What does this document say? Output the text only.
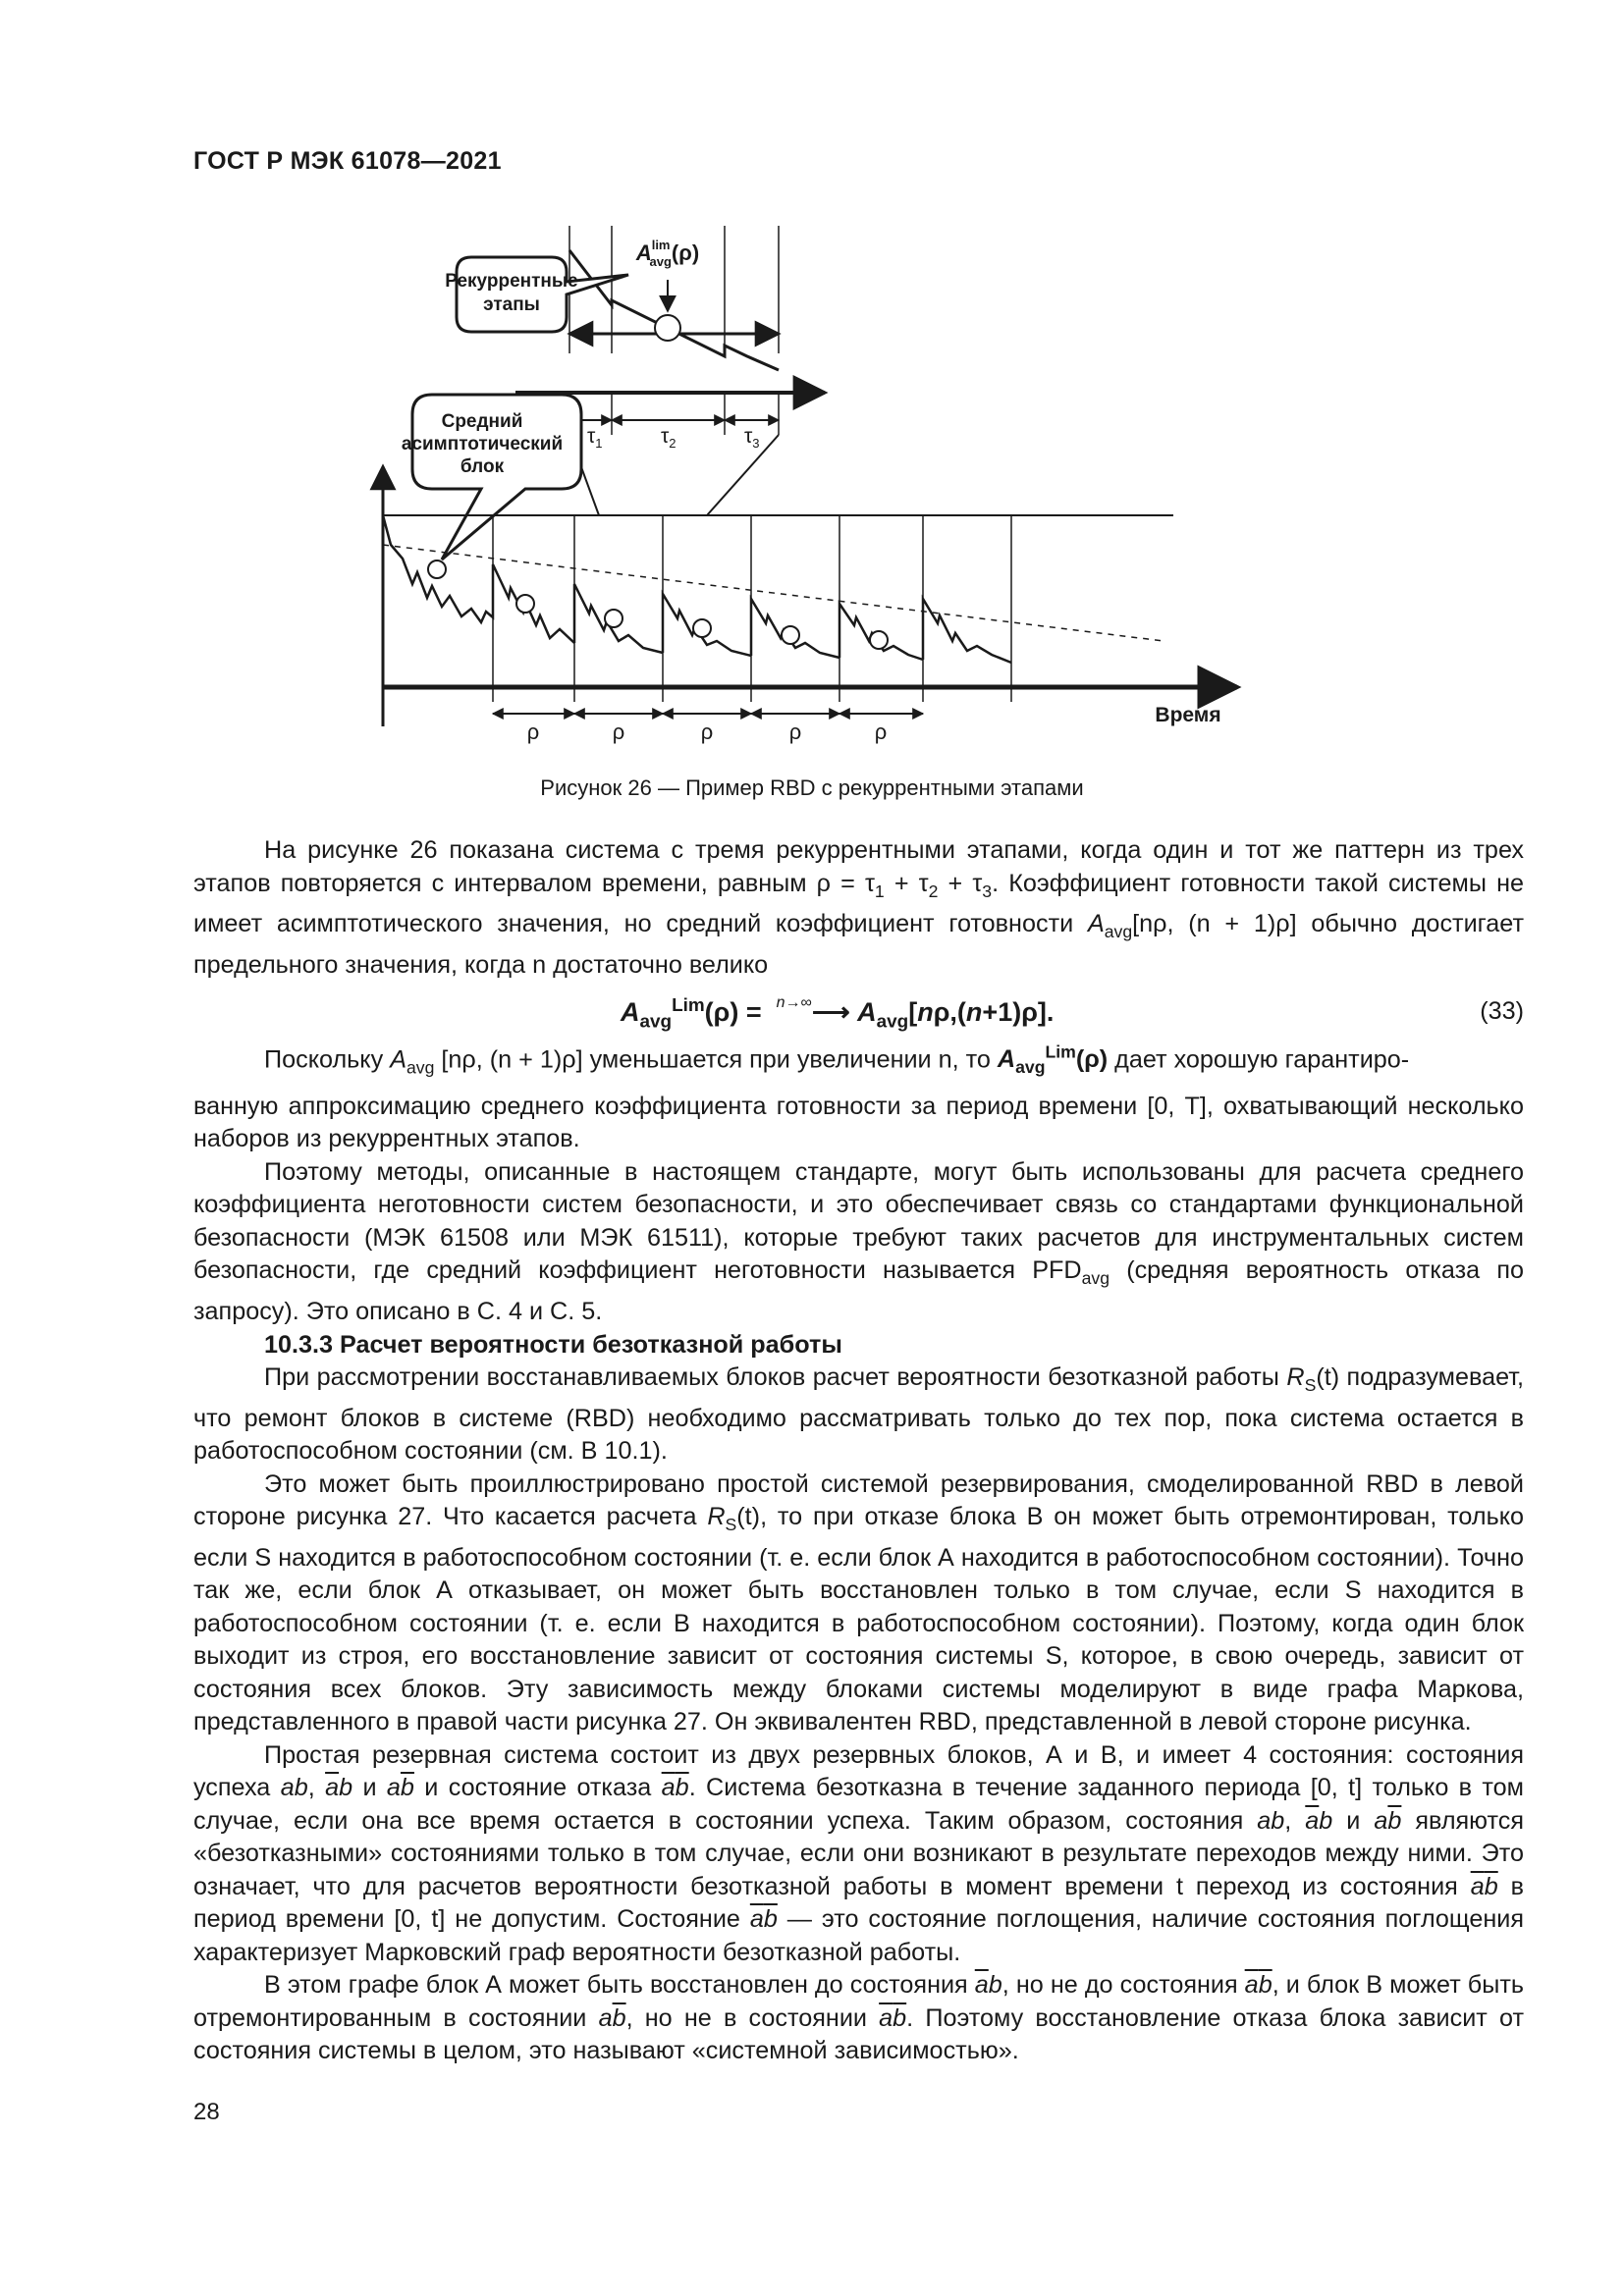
ГОСТ Р МЭК 61078—2021
$A^{lim}$ avg(ρ)
$\tau_1$	$\tau_2$	$\tau_3$
Рекуррентные
этапы
Средний
асимптотический
блок
ρ	ρ	ρ	ρ	ρ
Время
Рисунок 26 — Пример RBD с рекуррентными этапами

На рисунке 26 показана система с тремя рекуррентными этапами, когда один и тот же паттерн из трех этапов повторяется с интервалом времени, равным $\rho = \tau_1 + \tau_2 + \tau_3$. Коэффициент готовности такой системы не имеет асимптотического значения, но средний коэффициент готовности $A_{avg}[n\rho$, (n + 1)ρ] обычно достигает предельного значения, когда n достаточно велико

$A_{avg}^{Lim}(\rho)$ =  $^{n\to\infty}$⟶ $A_{avg}[n\rho,(n+1)\rho]$.	(33)

Поскольку $A_{avg}$ [nρ, (n + 1)ρ] уменьшается при увеличении n, то $A_{avg}^{Lim}(\rho)$ дает хорошую гарантиро-

ванную аппроксимацию среднего коэффициента готовности за период времени [0, T], охватывающий несколько наборов из рекуррентных этапов.

Поэтому методы, описанные в настоящем стандарте, могут быть использованы для расчета среднего коэффициента неготовности систем безопасности, и это обеспечивает связь со стандартами функциональной безопасности (МЭК 61508 или МЭК 61511), которые требуют таких расчетов для инструментальных систем безопасности, где средний коэффициент неготовности называется $PFD_{avg}$ (средняя вероятность отказа по запросу). Это описано в С. 4 и С. 5.

10.3.3 Расчет вероятности безотказной работы

При рассмотрении восстанавливаемых блоков расчет вероятности безотказной работы $R_S(t)$ подразумевает, что ремонт блоков в системе (RBD) необходимо рассматривать только до тех пор, пока система остается в работоспособном состоянии (см. В 10.1).

Это может быть проиллюстрировано простой системой резервирования, смоделированной RBD в левой стороне рисунка 27. Что касается расчета $R_S(t)$, то при отказе блока В он может быть отремонтирован, только если S находится в работоспособном состоянии (т. е. если блок А находится в работоспособном состоянии). Точно так же, если блок А отказывает, он может быть восстановлен только в том случае, если S находится в работоспособном состоянии (т. е. если В находится в работоспособном состоянии). Поэтому, когда один блок выходит из строя, его восстановление зависит от состояния системы S, которое, в свою очередь, зависит от состояния всех блоков. Эту зависимость между блоками системы моделируют в виде графа Маркова, представленного в правой части рисунка 27. Он эквивалентен RBD, представленной в левой стороне рисунка.

Простая резервная система состоит из двух резервных блоков, А и В, и имеет 4 состояния: состояния успеха ab, $\overline{a}b$ и $a\overline{b}$ и состояние отказа $\overline{a}\overline{b}$. Система безотказна в течение заданного периода [0, t] только в том случае, если она все время остается в состоянии успеха. Таким образом, состояния ab, $\overline{a}b$ и $a\overline{b}$ являются «безотказными» состояниями только в том случае, если они возникают в результате переходов между ними. Это означает, что для расчетов вероятности безотказной работы в момент времени t переход из состояния $\overline{a}\overline{b}$ в период времени [0, t] не допустим. Состояние $\overline{a}\overline{b}$ — это состояние поглощения, наличие состояния поглощения характеризует Марковский граф вероятности безотказной работы.

В этом графе блок А может быть восстановлен до состояния $\overline{a}b$, но не до состояния $\overline{a}\overline{b}$, и блок В может быть отремонтированным в состоянии $a\overline{b}$, но не в состоянии $\overline{a}\overline{b}$. Поэтому восстановление отказа блока зависит от состояния системы в целом, это называют «системной зависимостью».

28
